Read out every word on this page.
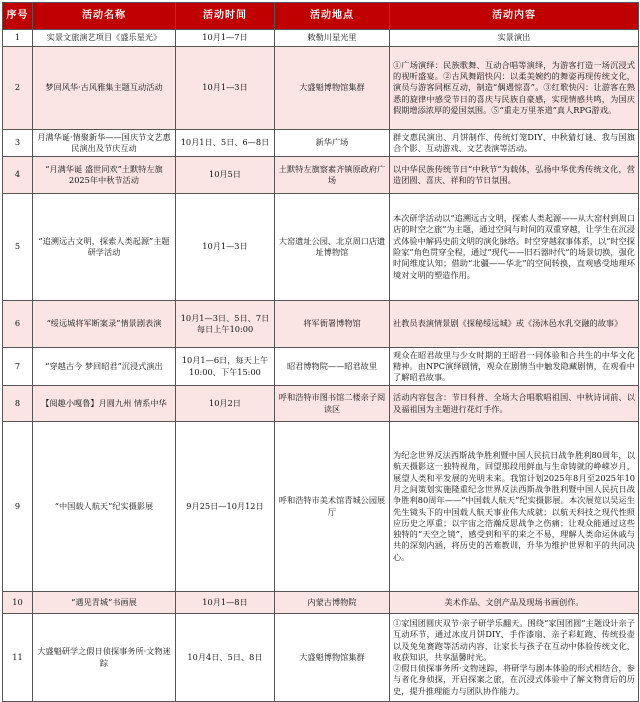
序号	活动名称	活动时间	活动地点	活动内容
1	实景文旅演艺项目《盛乐星光》	10月1—7日	敕勒川星光里	实景演出
2	梦回风华·古风雅集主题互动活动	10月1—3日	大盛魁博物馆集群	①广场演绎：民族歌舞、互动合唱等演绎，为游客打造一场沉浸式的视听盛宴。②古风舞蹈快闪：以柔美婉约的舞姿再现传统文化，演员与游客同框互动，制造“偶遇惊喜”。③红歌快闪：让游客在熟悉的旋律中感受节日的喜庆与民族自豪感，实现情感共鸣，为国庆假期增添浓厚的爱国氛围。⑤“重走万里茶道”真人RPG游戏。
3	月满华诞·情聚新华——国庆节文艺惠民演出及节庆互动	10月1日、5日、6—8日	新华广场	群文惠民演出、月饼制作、传统灯笼DIY、中秋猜灯谜、我与国旗合个影、互动游戏、文艺表演等活动。
4	“月满华诞 盛世同欢”土默特左旗2025年中秋节活动	10月5日	土默特左旗察素齐镇原政府广场	以中华民族传统节日“中秋节”为载体，弘扬中华优秀传统文化，营造团圆、喜庆、祥和的节日氛围。
5	“追溯远古文明，探索人类起源”主题研学活动	10月1—3日	大窑遗址公园、北京周口店遗址博物馆	本次研学活动以“追溯远古文明，探索人类起源——从大窑村到周口店的时空之旅”为主题，通过空间与时间的双重穿越，让学生在沉浸式体验中解码史前文明的演化脉络。时空穿越叙事体系，以“时空探险家”角色贯穿全程，通过“现代——旧石器时代”的场景切换，强化时间维度认知；借助“北疆——华北”的空间转换，直观感受地理环境对文明的塑造作用。
6	“绥远城将军断案录”情景剧表演	10月1—3日、5日、7日每日上午10:00	将军衙署博物馆	社教员表演情景剧《探秘绥远城》或《汤沐邑水乳交融的故事》
7	“穿越古今 梦回昭君”沉浸式演出	10月1—6日，每天上午10:00、下午15:00	昭君博物院——昭君故里	观众在昭君故里与少女时期的王昭君一同体验和合共生的中华文化精神。由NPC演绎剧情，观众在剧情当中触发隐藏剧情，在观看中了解昭君故事。
8	【阅趣小嘎鲁】月圆九州 情系中华	10月2日	呼和浩特市图书馆二楼亲子阅读区	活动内容包含：节日科普、全场大合唱歌唱祖国、中秋诗词前、以及福祖国为主题进行花灯手作。
9	“中国载人航天”纪实摄影展	9月25日—10月12日	呼和浩特市美术馆青城公园展厅	为纪念世界反法西斯战争胜利暨中国人民抗日战争胜利80周年，以航天摄影这一独特视角，回望那段用鲜血与生命铸就的峥嵘岁月，展望人类和平发展的光明未来。我馆计划2025年8月至2025年10月之间策划实施隆重纪念世界反法西斯战争胜利暨中国人民抗日战争胜利80周年——“中国载人航天”纪实摄影展。本次展览以吴运生先生镜头下的中国载人航天事业伟大成就；以航天科技之现代性照应历史之厚重；以宇宙之浩瀚反思战争之伤痛；让观众能通过这些独特的“天空之镜”，感受到和平的来之不易，理解人类命运休戚与共的深刻内涵，将历史的苦难教训，升华为维护世界和平的共同决心。
10	“遇见青城”书画展	10月1—8日	内蒙古博物院	美术作品、文创产品及现场书画创作。
11	大盛魁研学之假日侦探事务所·文物迷踪	10月4日、5日、8日	大盛魁博物馆集群	①家国团圆庆双节·亲子研学乐翻天。围绕“家国团圆”主题设计亲子互动环节，通过冰皮月饼DIY、手作漆扇、亲子彩虹跑、传统投壶以及兔兔赛跑等活动内容，让家长与孩子在互动中体验传统文化，收获知识，共享温馨时光。
②假日侦探事务所·文物迷踪，将研学与剧本体验的形式相结合，参与者化身侦探，开启探案之旅，在沉浸式体验中了解文物背后的历史，提升推理能力与团队协作能力。
